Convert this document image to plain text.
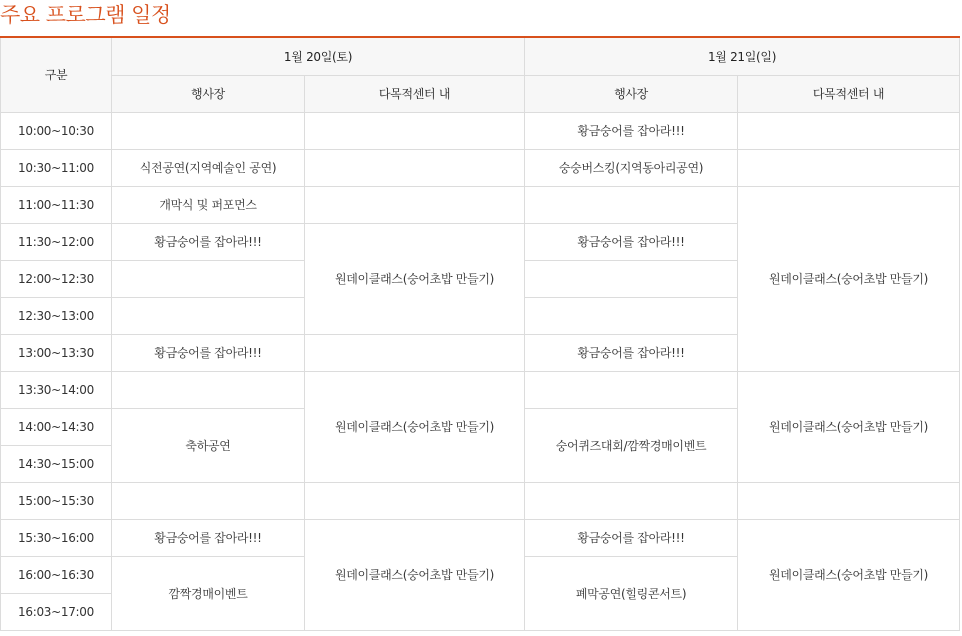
주요 프로그램 일정
구분	1월 20일(토)		1월 21일(일)	
	행사장	다목적센터 내	행사장	다목적센터 내
10:00~10:30			황금숭어를 잡아라!!!	
10:30~11:00	식전공연(지역예술인 공연)		숭숭버스킹(지역동아리공연)	
11:00~11:30	개막식 및 퍼포먼스			원데이클래스(숭어초밥 만들기)
11:30~12:00	황금숭어를 잡아라!!!	원데이클래스(숭어초밥 만들기)	황금숭어를 잡아라!!!	
12:00~12:30				
12:30~13:00				
13:00~13:30	황금숭어를 잡아라!!!		황금숭어를 잡아라!!!	
13:30~14:00		원데이클래스(숭어초밥 만들기)		원데이클래스(숭어초밥 만들기)
14:00~14:30	축하공연		숭어퀴즈대회/깜짝경매이벤트	
14:30~15:00				
15:00~15:30				
15:30~16:00	황금숭어를 잡아라!!!	원데이클래스(숭어초밥 만들기)	황금숭어를 잡아라!!!	원데이클래스(숭어초밥 만들기)
16:00~16:30	깜짝경매이벤트		폐막공연(힐링콘서트)	
16:03~17:00				
